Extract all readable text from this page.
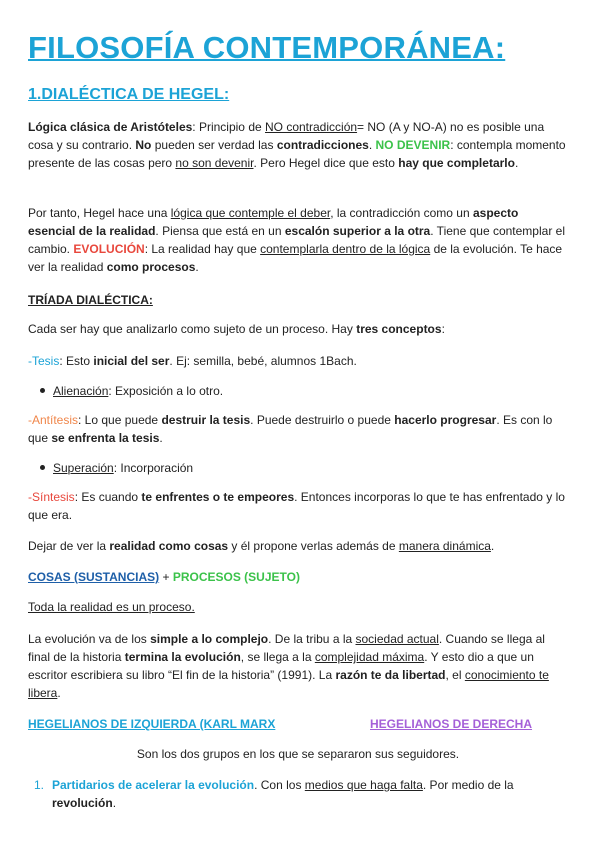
FILOSOFÍA CONTEMPORÁNEA:
1.DIALÉCTICA DE HEGEL:

Lógica clásica de Aristóteles: Principio de NO contradicción= NO (A y NO-A) no es posible una cosa y su contrario. No pueden ser verdad las contradicciones. NO DEVENIR: contempla momento presente de las cosas pero no son devenir. Pero Hegel dice que esto hay que completarlo.

Por tanto, Hegel hace una lógica que contemple el deber, la contradicción como un aspecto esencial de la realidad. Piensa que está en un escalón superior a la otra. Tiene que contemplar el cambio. EVOLUCIÓN: La realidad hay que contemplarla dentro de la lógica de la evolución. Te hace ver la realidad como procesos.

TRÍADA DIALÉCTICA:

Cada ser hay que analizarlo como sujeto de un proceso. Hay tres conceptos:

-Tesis: Esto inicial del ser. Ej: semilla, bebé, alumnos 1Bach.

Alienación: Exposición a lo otro.

-Antítesis: Lo que puede destruir la tesis. Puede destruirlo o puede hacerlo progresar. Es con lo que se enfrenta la tesis.

Superación: Incorporación

-Síntesis: Es cuando te enfrentes o te empeores. Entonces incorporas lo que te has enfrentado y lo que era.

Dejar de ver la realidad como cosas y él propone verlas además de manera dinámica.

COSAS (SUSTANCIAS) + PROCESOS (SUJETO)

Toda la realidad es un proceso.

La evolución va de los simple a lo complejo. De la tribu a la sociedad actual. Cuando se llega al final de la historia termina la evolución, se llega a la complejidad máxima. Y esto dio a que un escritor escribiera su libro “El fin de la historia” (1991). La razón te da libertad, el conocimiento te libera.

HEGELIANOS DE IZQUIERDA (KARL MARX	HEGELIANOS DE DERECHA

Son los dos grupos en los que se separaron sus seguidores.

1. Partidarios de acelerar la evolución. Con los medios que haga falta. Por medio de la
revolución.
